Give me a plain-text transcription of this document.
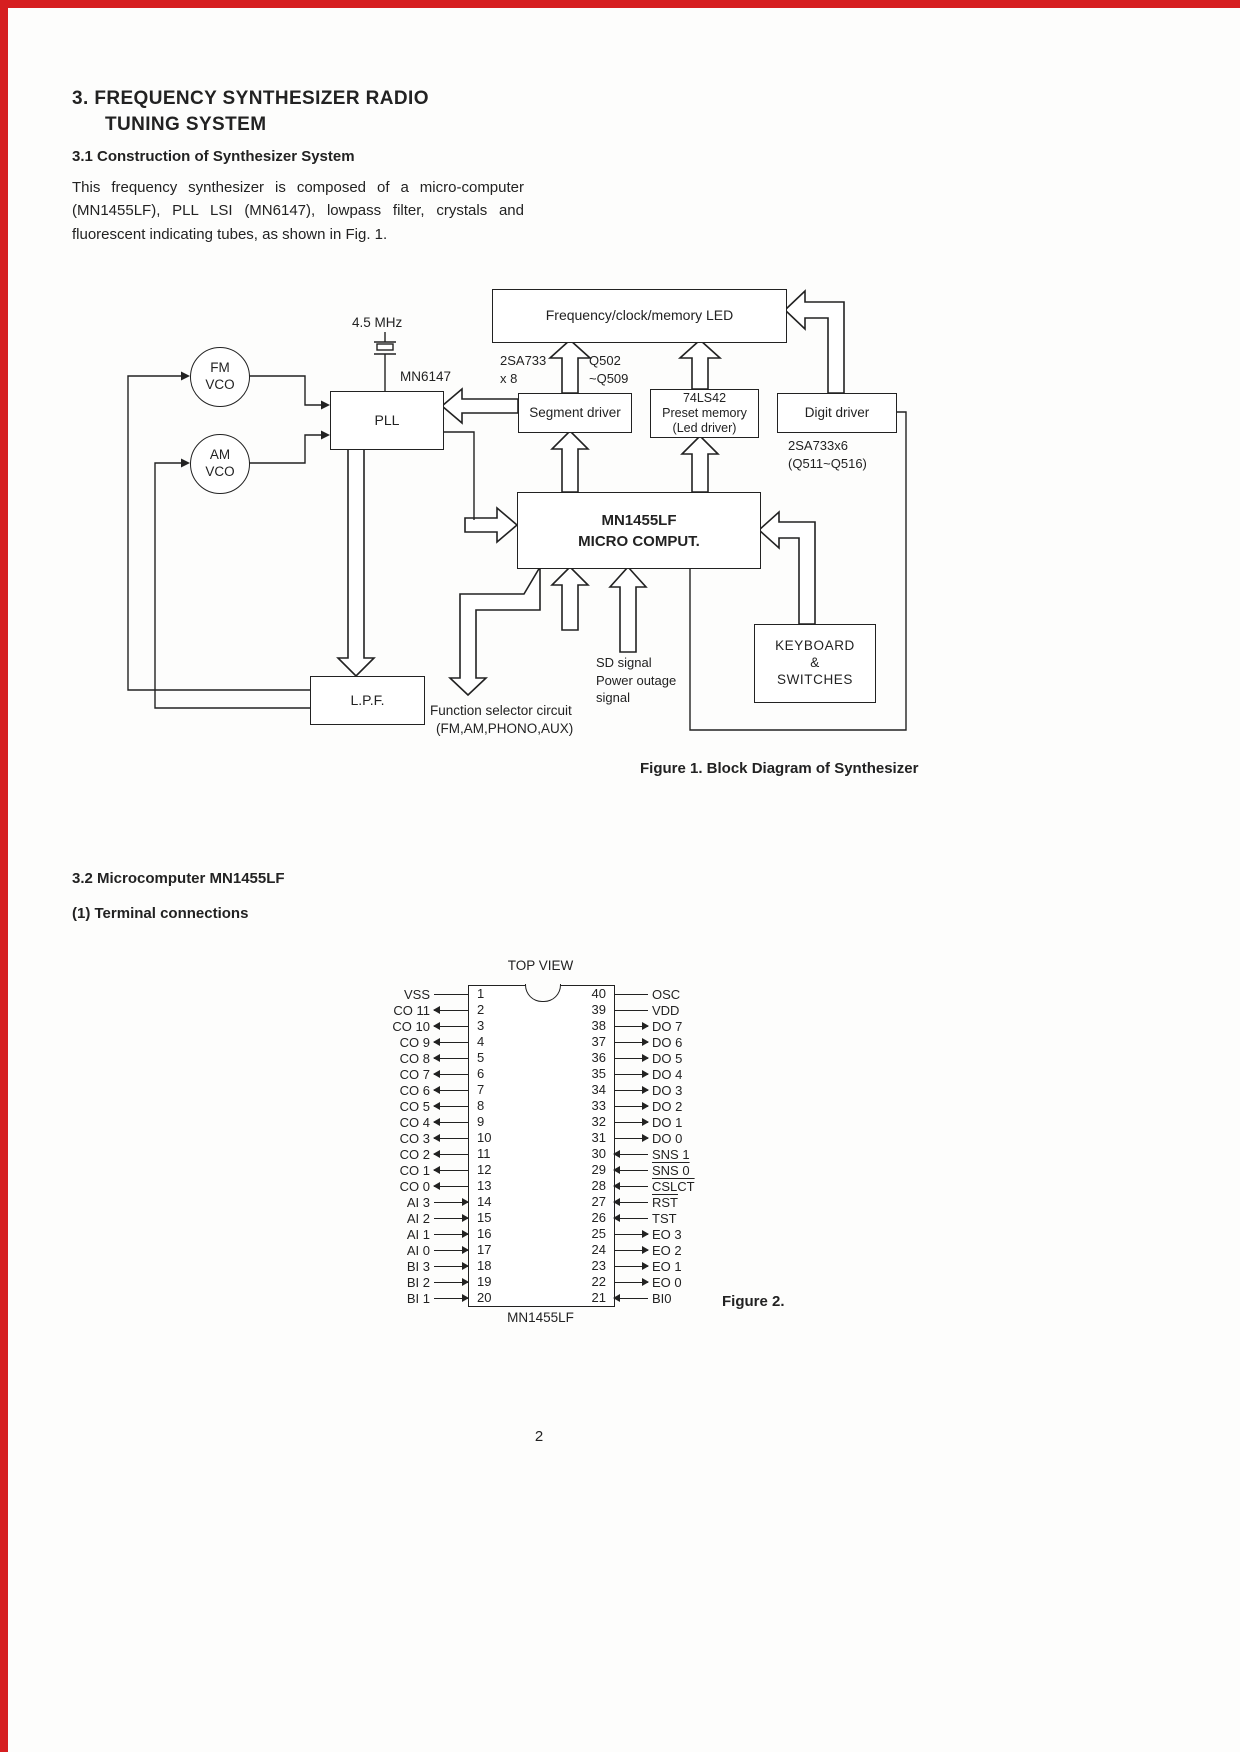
3. FREQUENCY SYNTHESIZER RADIO
TUNING SYSTEM
3.1 Construction of Synthesizer System
This frequency synthesizer is composed of a micro-computer (MN1455LF), PLL LSI (MN6147), lowpass filter, crystals and fluorescent indicating tubes, as shown in Fig. 1.
Frequency/clock/memory LED
FM
VCO
AM
VCO
PLL	Segment driver
74LS42
Preset memory
(Led driver)
Digit driver
MN1455LF
MICRO COMPUT.
KEYBOARD
&
SWITCHES
L.P.F.
4.5 MHz
MN6147
2SA733
x 8
Q502
~Q509
2SA733x6
(Q511~Q516)
SD signal
Power outage
signal
Function selector circuit
(FM,AM,PHONO,AUX)
Figure 1. Block Diagram of Synthesizer
3.2 Microcomputer MN1455LF
(1) Terminal connections
TOP VIEW
VSS
CO 11
CO 10
CO 9
CO 8
CO 7
CO 6
CO 5
CO 4
CO 3
CO 2
CO 1
CO 0
AI 3
AI 2
AI 1
AI 0
BI 3
BI 2
BI 1
OSC
VDD
DO 7
DO 6
DO 5
DO 4
DO 3
DO 2
DO 1
DO 0
SNS 1
SNS 0
CSLCT
$\overline{RST}$
TST
EO 3
EO 2
EO 1
EO 0
BI0
1
2
3
4
5
6
7
8
9
10
11
12
13
14
15
16
17
18
19
20
40
39
38
37
36
35
34
33
32
31
30
29
28
27
26
25
24
23
22
21
MN1455LF
Figure 2.
2
